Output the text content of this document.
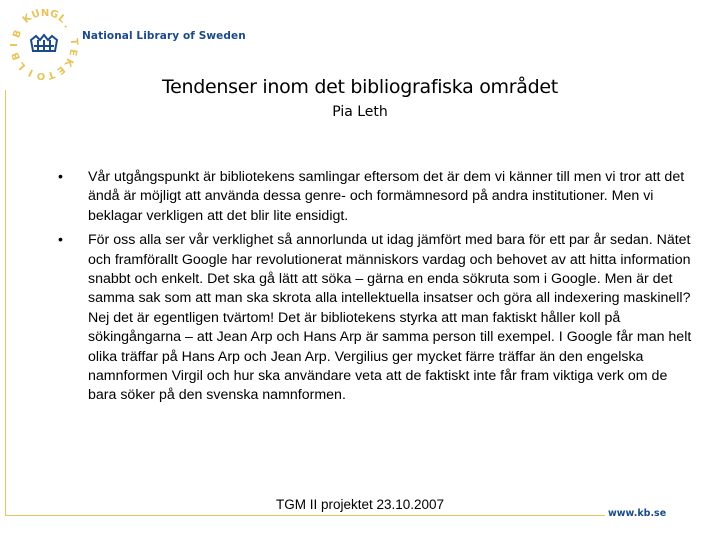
K
U
N
G
L
.
B
I
B
L
I O T
E
K
E
T National Library of Sweden
Tendenser inom det bibliografiska området
Pia Leth
• Vår utgångspunkt är bibliotekens samlingar eftersom det är dem vi känner till men vi tror att det ändå är möjligt att använda dessa genre- och formämnesord på andra institutioner. Men vi beklagar verkligen att det blir lite ensidigt.
• För oss alla ser vår verklighet så annorlunda ut idag jämfört med bara för ett par år sedan. Nätet och framförallt Google har revolutionerat människors vardag och behovet av att hitta information snabbt och enkelt. Det ska gå lätt att söka – gärna en enda sökruta som i Google. Men är det samma sak som att man ska skrota alla intellektuella insatser och göra all indexering maskinell? Nej det är egentligen tvärtom! Det är bibliotekens styrka att man faktiskt håller koll på sökingångarna – att Jean Arp och Hans Arp är samma person till exempel. I Google får man helt olika träffar på Hans Arp och Jean Arp. Vergilius ger mycket färre träffar än den engelska namnformen Virgil och hur ska användare veta att de faktiskt inte får fram viktiga verk om de bara söker på den svenska namnformen.
TGM II projektet 23.10.2007
www.kb.se
